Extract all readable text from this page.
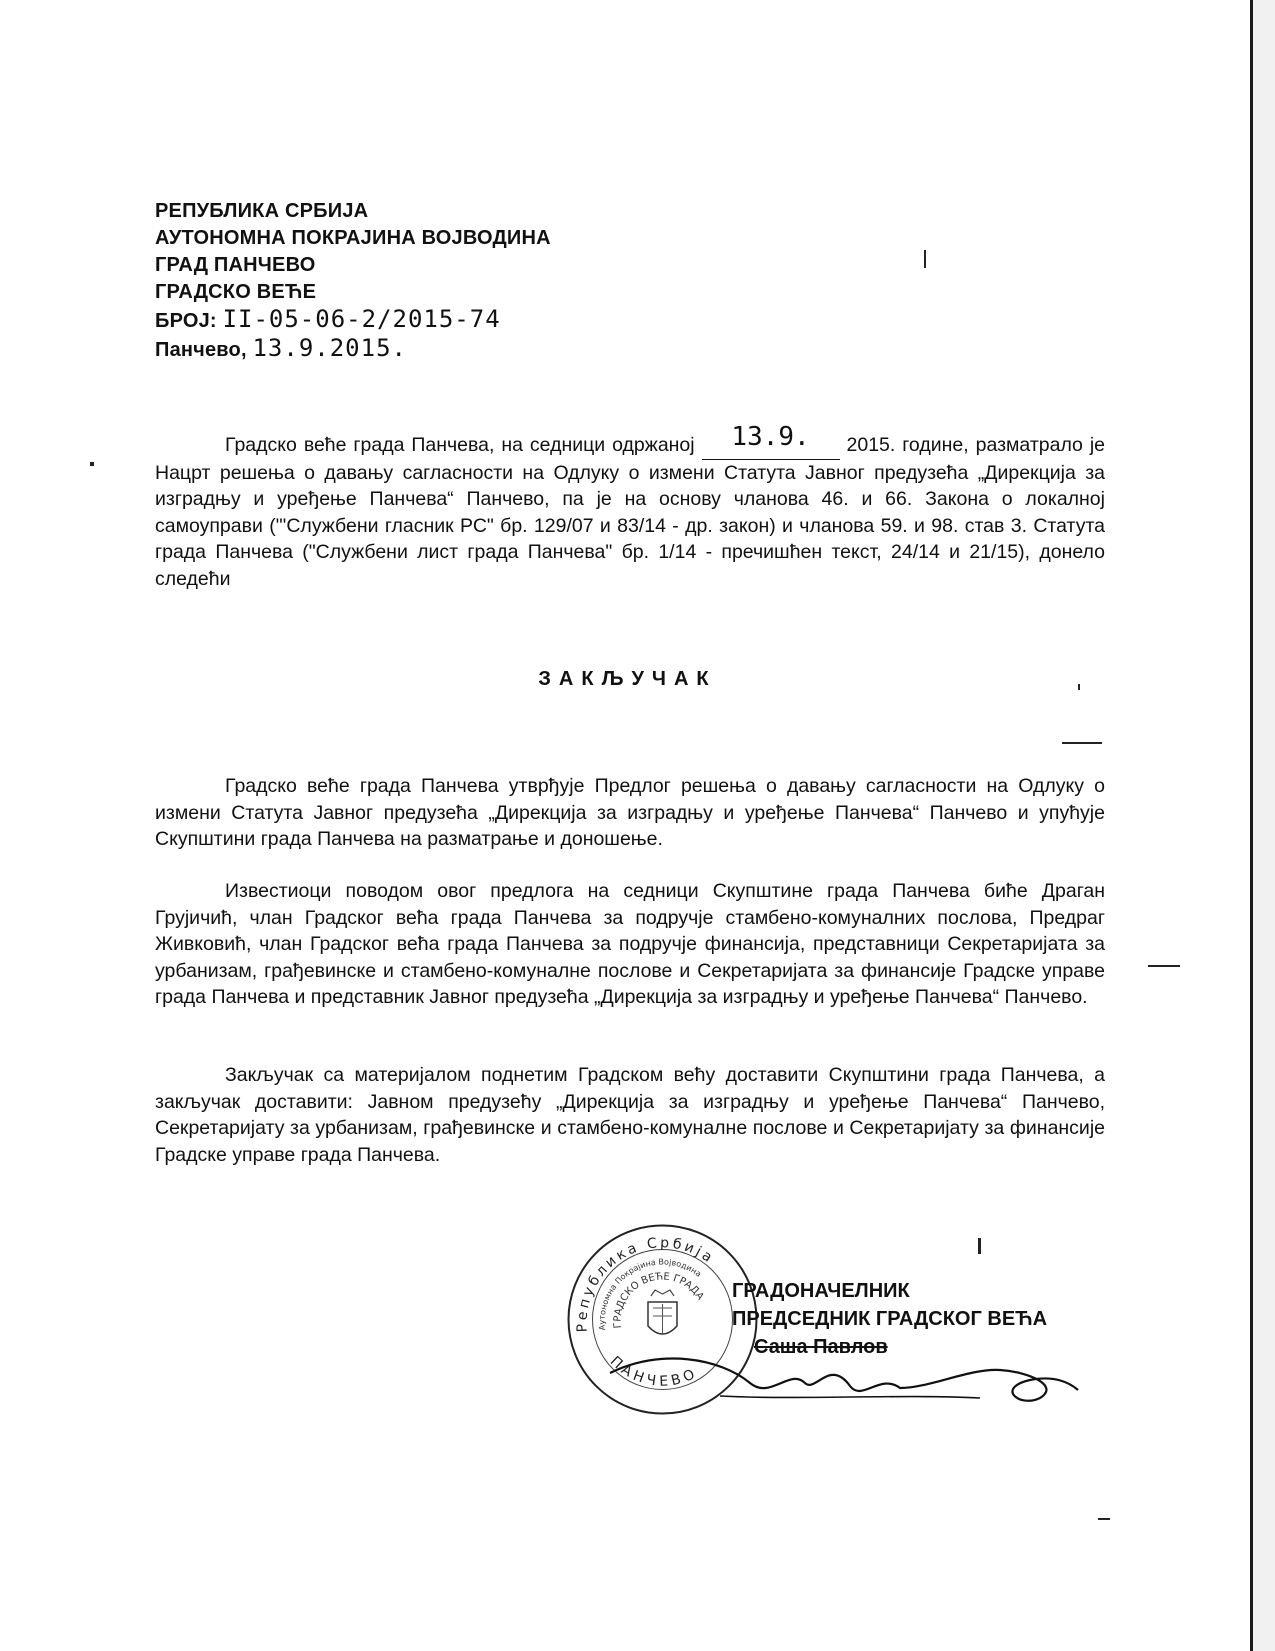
РЕПУБЛИКА СРБИЈА
АУТОНОМНА ПОКРАЈИНА ВОЈВОДИНА
ГРАД ПАНЧЕВО
ГРАДСКО ВЕЋЕ
БРОЈ: II-05-06-2/2015-74
Панчево, 13.9.2015.
Градско веће града Панчева, на седници одржаној 13.9. 2015. године, разматрало је Нацрт решења о давању сагласности на Одлуку о измени Статута Јавног предузећа „Дирекција за изградњу и уређење Панчева“ Панчево, па је на основу чланова 46. и 66. Закона о локалној самоуправи ("'Службени гласник РС" бр. 129/07 и 83/14 - др. закон) и чланова 59. и 98. став 3. Статута града Панчева ("Службени лист града Панчева" бр. 1/14 - пречишћен текст, 24/14 и 21/15), донело следећи
ЗАКЉУЧАК
Градско веће града Панчева утврђује Предлог решења о давању сагласности на Одлуку о измени Статута Јавног предузећа „Дирекција за изградњу и уређење Панчева“ Панчево и упућује Скупштини града Панчева на разматрање и доношење.
Известиоци поводом овог предлога на седници Скупштине града Панчева биће Драган Грујичић, члан Градског већа града Панчева за подручје стамбено-комуналних послова, Предраг Живковић, члан Градског већа града Панчева за подручје финансија, представници Секретаријата за урбанизам, грађевинске и стамбено-комуналне послове и Секретаријата за финансије Градске управе града Панчева и представник Јавног предузећа „Дирекција за изградњу и уређење Панчева“ Панчево.
Закључак са материјалом поднетим Градском већу доставити Скупштини града Панчева, а закључак доставити: Јавном предузећу „Дирекција за изградњу и уређење Панчева“ Панчево, Секретаријату за урбанизам, грађевинске и стамбено-комуналне послове и Секретаријату за финансије Градске управе града Панчева.
Република Србија
Аутономна Покрајина Војводина
ГРАДСКО ВЕЋЕ ГРАДА
ПАНЧЕВО
ГРАДОНАЧЕЛНИК
ПРЕДСЕДНИК ГРАДСКОГ ВЕЋА
Саша Павлов
